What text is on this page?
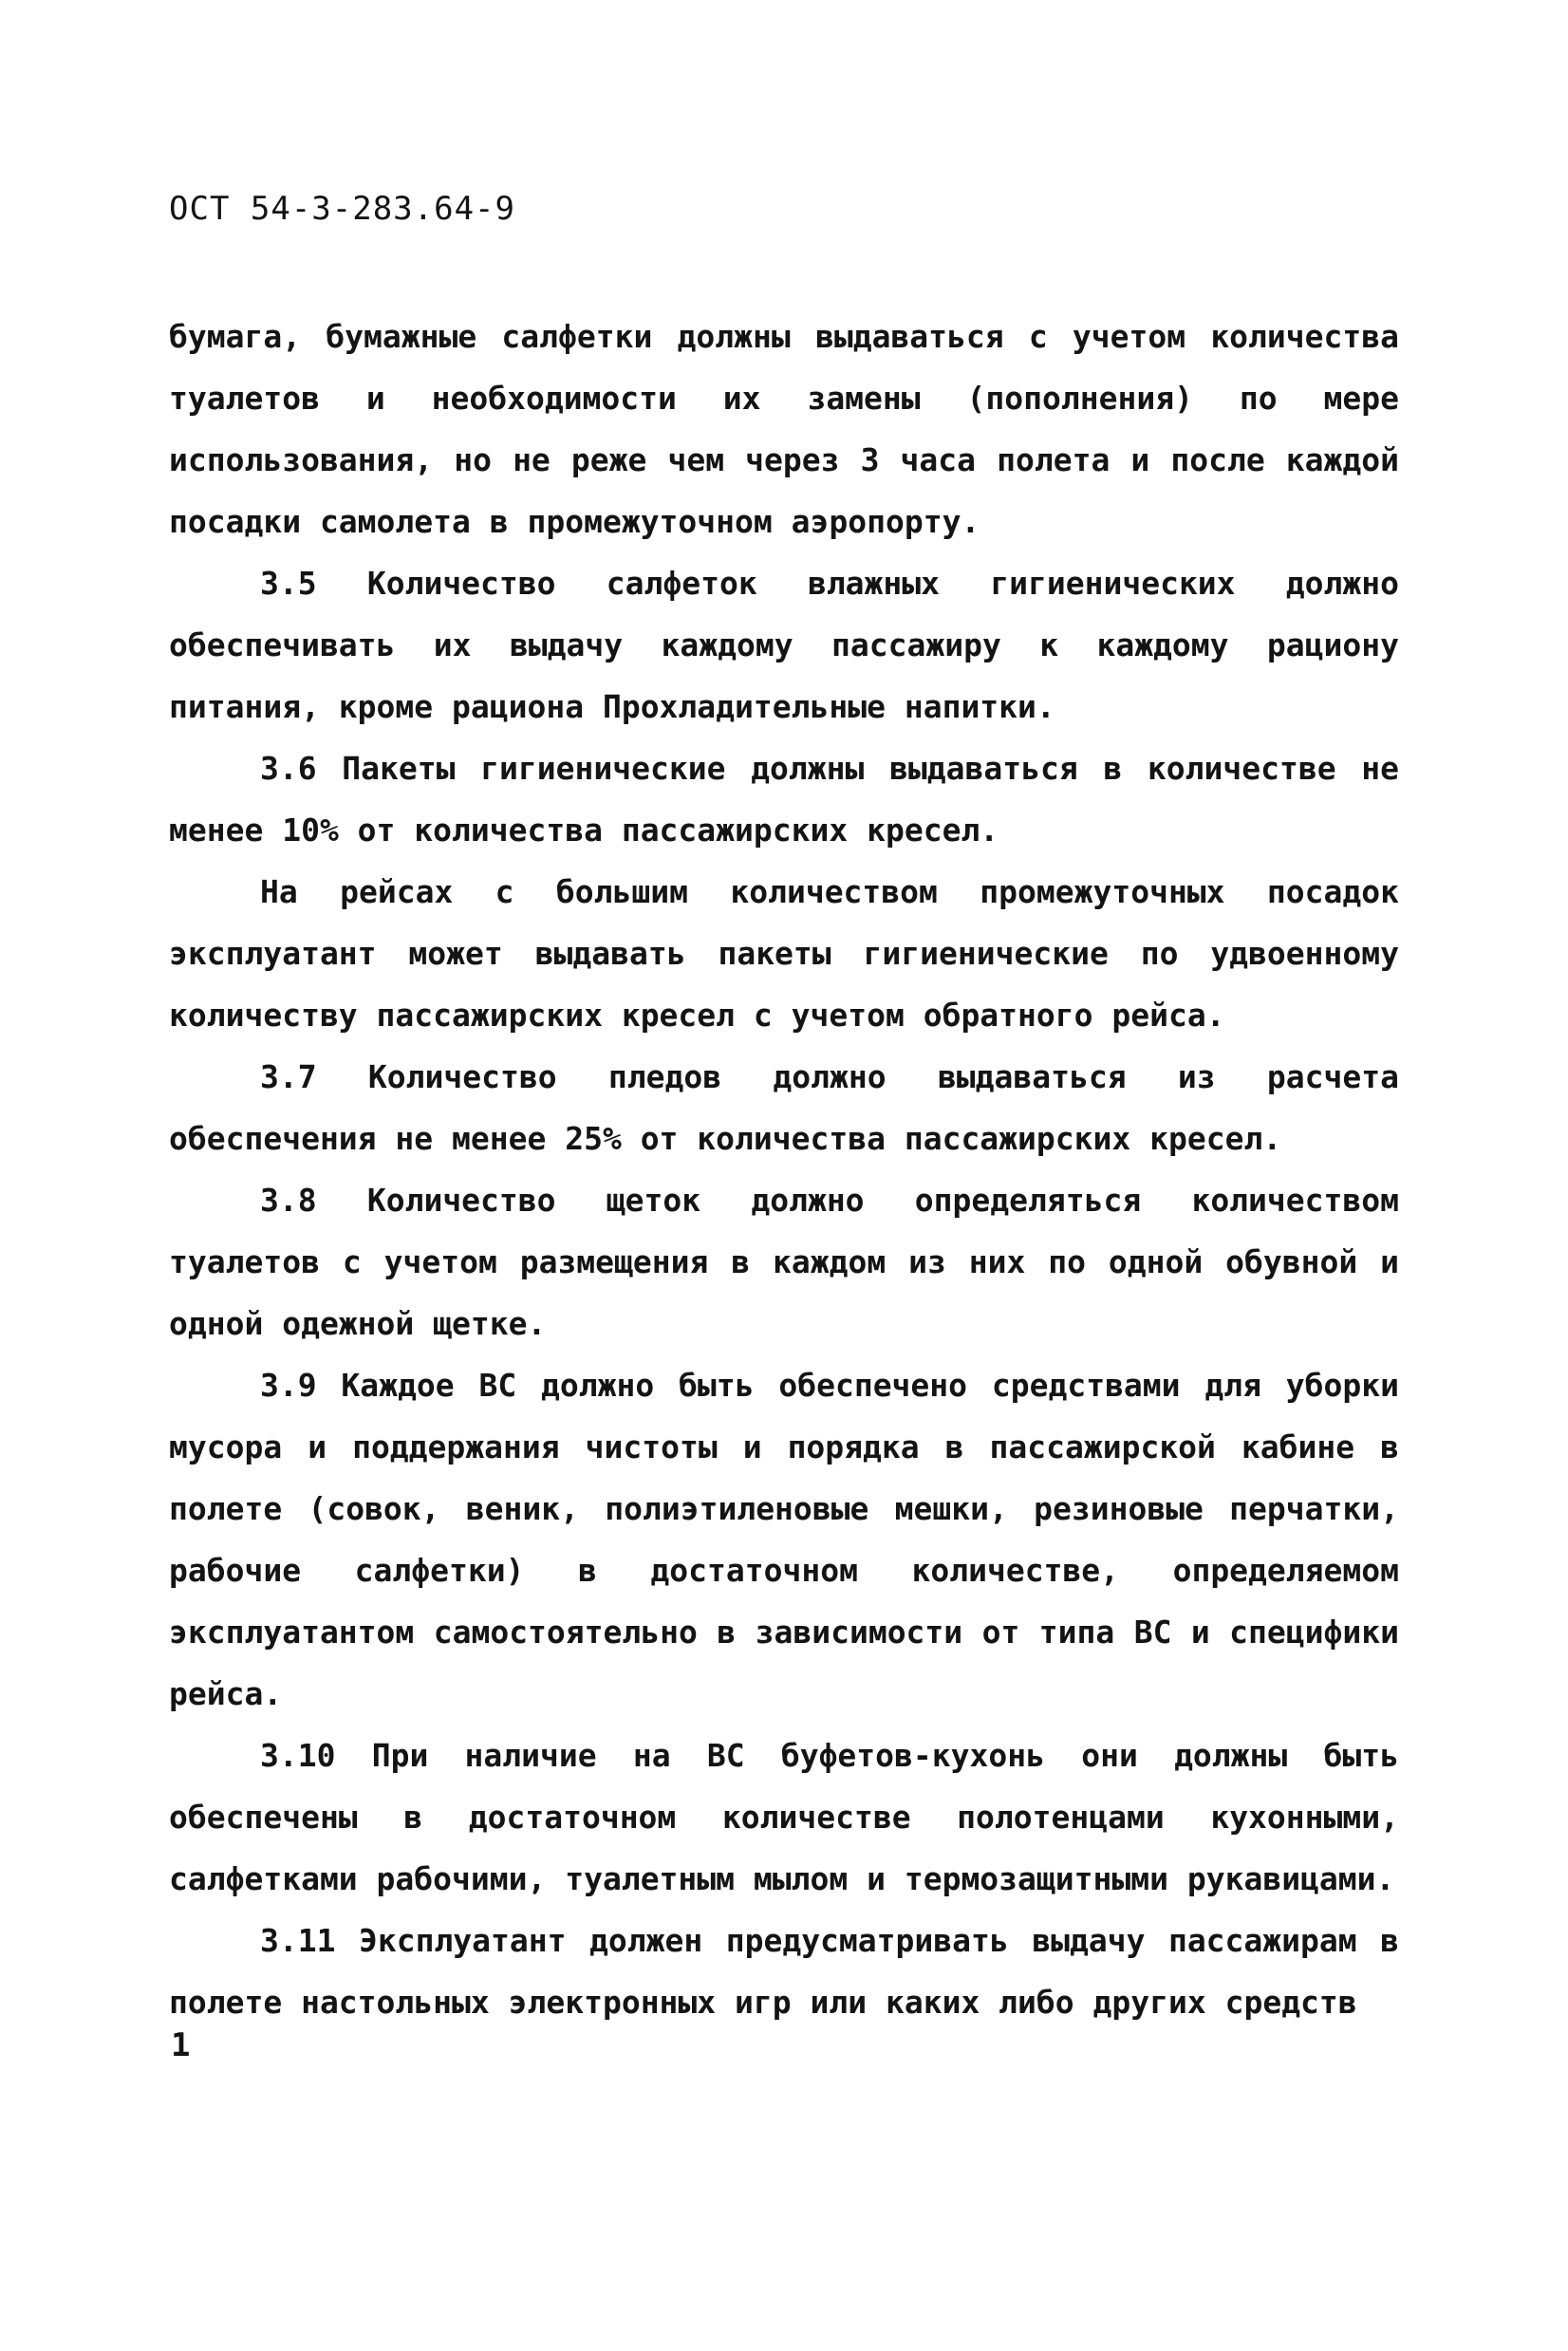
ОСТ 54-3-283.64-9

бумага, бумажные салфетки должны выдаваться с учетом количества туалетов и необходимости их замены (пополнения) по мере использования, но не реже чем через 3 часа полета и после каждой посадки самолета в промежуточном аэропорту.

3.5 Количество салфеток влажных гигиенических должно обеспечивать их выдачу каждому пассажиру к каждому рациону питания, кроме рациона Прохладительные напитки.

3.6 Пакеты гигиенические должны выдаваться в количестве не менее 10% от количества пассажирских кресел.

На рейсах с большим количеством промежуточных посадок эксплуатант может выдавать пакеты гигиенические по удвоенному количеству пассажирских кресел с учетом обратного рейса.

3.7 Количество пледов должно выдаваться из расчета обеспечения не менее 25% от количества пассажирских кресел.

3.8 Количество щеток должно определяться количеством туалетов с учетом размещения в каждом из них по одной обувной и одной одежной щетке.

3.9 Каждое ВС должно быть обеспечено средствами для уборки мусора и поддержания чистоты и порядка в пассажирской кабине в полете (совок, веник, полиэтиленовые мешки, резиновые перчатки, рабочие салфетки) в достаточном количестве, определяемом эксплуатантом самостоятельно в зависимости от типа ВС и специфики рейса.

3.10 При наличие на ВС буфетов-кухонь они должны быть обеспечены в достаточном количестве полотенцами кухонными, салфетками рабочими, туалетным мылом и термозащитными рукавицами.

3.11 Эксплуатант должен предусматривать выдачу пассажирам в полете настольных электронных игр или каких либо других средств

1
